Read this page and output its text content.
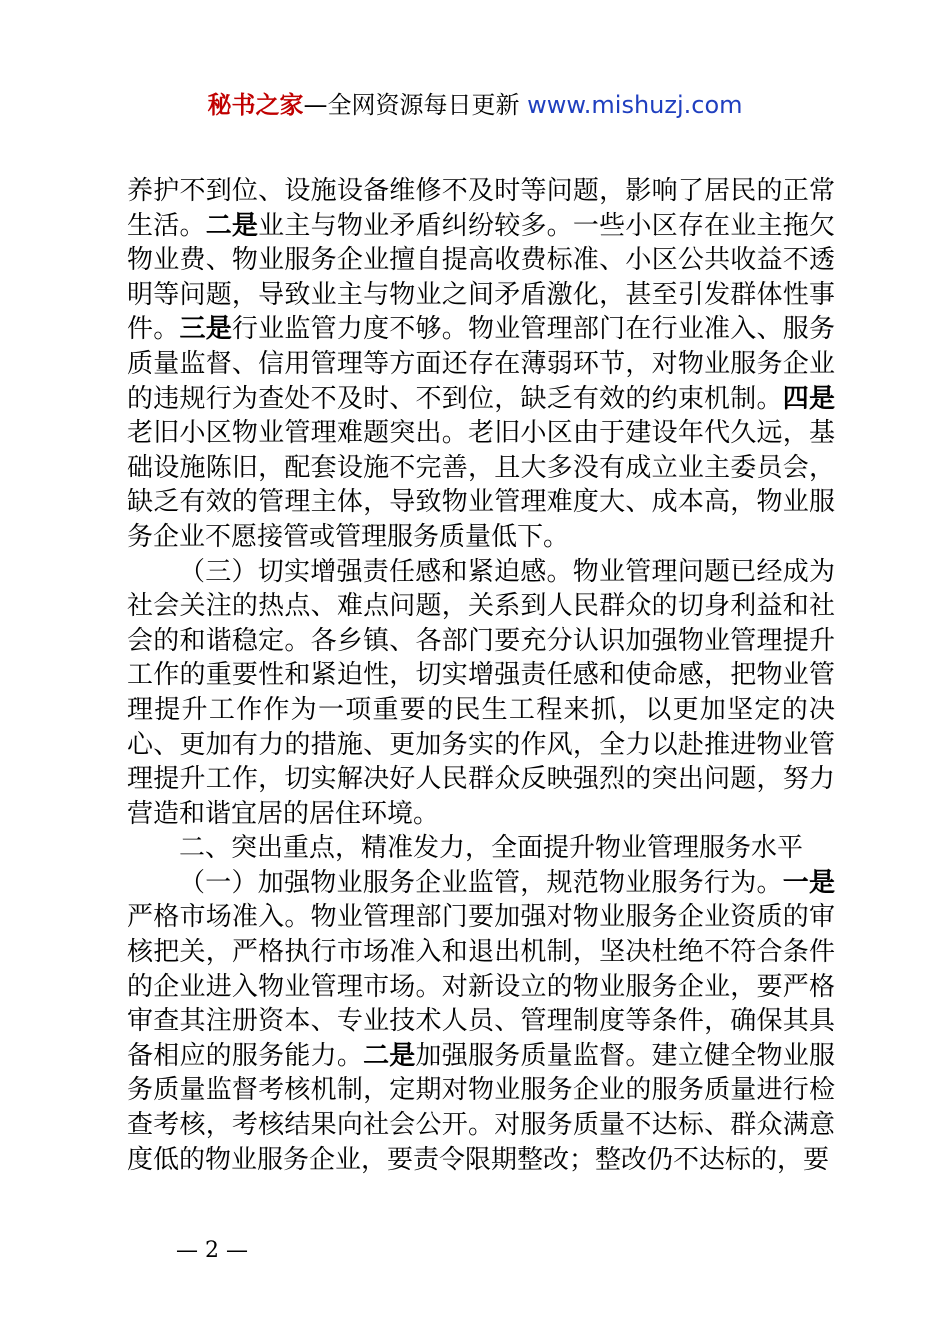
秘书之家—全网资源每日更新 www.mishuzj.com

养护不到位、设施设备维修不及时等问题，影响了居民的正常生活。二是业主与物业矛盾纠纷较多。一些小区存在业主拖欠物业费、物业服务企业擅自提高收费标准、小区公共收益不透明等问题，导致业主与物业之间矛盾激化，甚至引发群体性事件。三是行业监管力度不够。物业管理部门在行业准入、服务质量监督、信用管理等方面还存在薄弱环节，对物业服务企业的违规行为查处不及时、不到位，缺乏有效的约束机制。四是老旧小区物业管理难题突出。老旧小区由于建设年代久远，基础设施陈旧，配套设施不完善，且大多没有成立业主委员会，缺乏有效的管理主体，导致物业管理难度大、成本高，物业服务企业不愿接管或管理服务质量低下。

（三）切实增强责任感和紧迫感。物业管理问题已经成为社会关注的热点、难点问题，关系到人民群众的切身利益和社会的和谐稳定。各乡镇、各部门要充分认识加强物业管理提升工作的重要性和紧迫性，切实增强责任感和使命感，把物业管理提升工作作为一项重要的民生工程来抓，以更加坚定的决心、更加有力的措施、更加务实的作风，全力以赴推进物业管理提升工作，切实解决好人民群众反映强烈的突出问题，努力营造和谐宜居的居住环境。

二、突出重点，精准发力，全面提升物业管理服务水平

（一）加强物业服务企业监管，规范物业服务行为。一是严格市场准入。物业管理部门要加强对物业服务企业资质的审核把关，严格执行市场准入和退出机制，坚决杜绝不符合条件的企业进入物业管理市场。对新设立的物业服务企业，要严格审查其注册资本、专业技术人员、管理制度等条件，确保其具备相应的服务能力。二是加强服务质量监督。建立健全物业服务质量监督考核机制，定期对物业服务企业的服务质量进行检查考核，考核结果向社会公开。对服务质量不达标、群众满意度低的物业服务企业，要责令限期整改；整改仍不达标的，要

— 2 —
